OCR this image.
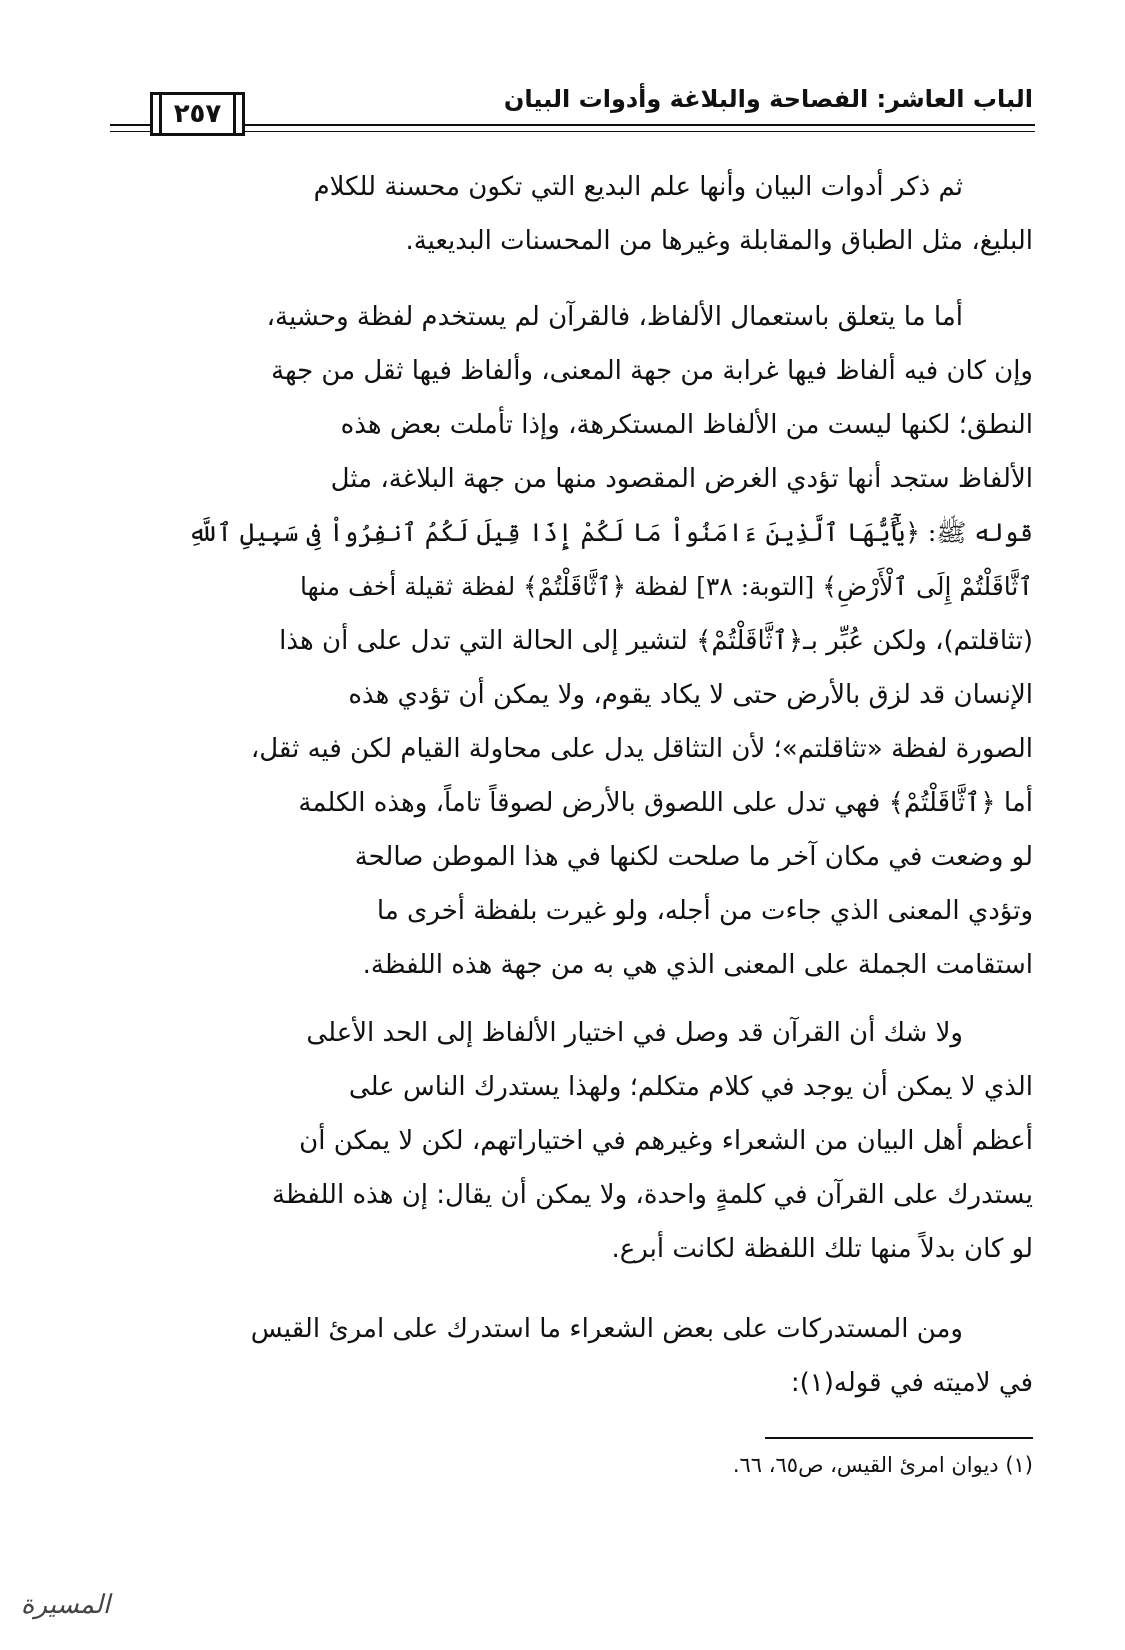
الباب العاشر: الفصاحة والبلاغة وأدوات البيان
٢٥٧
ثم ذكر أدوات البيان وأنها علم البديع التي تكون محسنة للكلام
البليغ، مثل الطباق والمقابلة وغيرها من المحسنات البديعية.
أما ما يتعلق باستعمال الألفاظ، فالقرآن لم يستخدم لفظة وحشية،
وإن كان فيه ألفاظ فيها غرابة من جهة المعنى، وألفاظ فيها ثقل من جهة
النطق؛ لكنها ليست من الألفاظ المستكرهة، وإذا تأملت بعض هذه
الألفاظ ستجد أنها تؤدي الغرض المقصود منها من جهة البلاغة، مثل
قوله ﷺ: ﴿يَٰٓأَيُّهَا ٱلَّذِينَ ءَامَنُواْ مَا لَكُمْ إِذَا قِيلَ لَكُمُ ٱنفِرُواْ فِى سَبِيلِ ٱللَّهِ
ٱثَّاقَلْتُمْ إِلَى ٱلْأَرْضِ﴾ [التوبة: ٣٨] لفظة ﴿ٱثَّاقَلْتُمْ﴾ لفظة ثقيلة أخف منها
(تثاقلتم)، ولكن عُبِّر بـ﴿ٱثَّاقَلْتُمْ﴾ لتشير إلى الحالة التي تدل على أن هذا
الإنسان قد لزق بالأرض حتى لا يكاد يقوم، ولا يمكن أن تؤدي هذه
الصورة لفظة «تثاقلتم»؛ لأن التثاقل يدل على محاولة القيام لكن فيه ثقل،
أما ﴿ٱثَّاقَلْتُمْ﴾ فهي تدل على اللصوق بالأرض لصوقاً تاماً، وهذه الكلمة
لو وضعت في مكان آخر ما صلحت لكنها في هذا الموطن صالحة
وتؤدي المعنى الذي جاءت من أجله، ولو غيرت بلفظة أخرى ما
استقامت الجملة على المعنى الذي هي به من جهة هذه اللفظة.
ولا شك أن القرآن قد وصل في اختيار الألفاظ إلى الحد الأعلى
الذي لا يمكن أن يوجد في كلام متكلم؛ ولهذا يستدرك الناس على
أعظم أهل البيان من الشعراء وغيرهم في اختياراتهم، لكن لا يمكن أن
يستدرك على القرآن في كلمةٍ واحدة، ولا يمكن أن يقال: إن هذه اللفظة
لو كان بدلاً منها تلك اللفظة لكانت أبرع.
ومن المستدركات على بعض الشعراء ما استدرك على امرئ القيس
في لاميته في قوله(١):
(١) ديوان امرئ القيس، ص٦٥، ٦٦.
المسيرة
